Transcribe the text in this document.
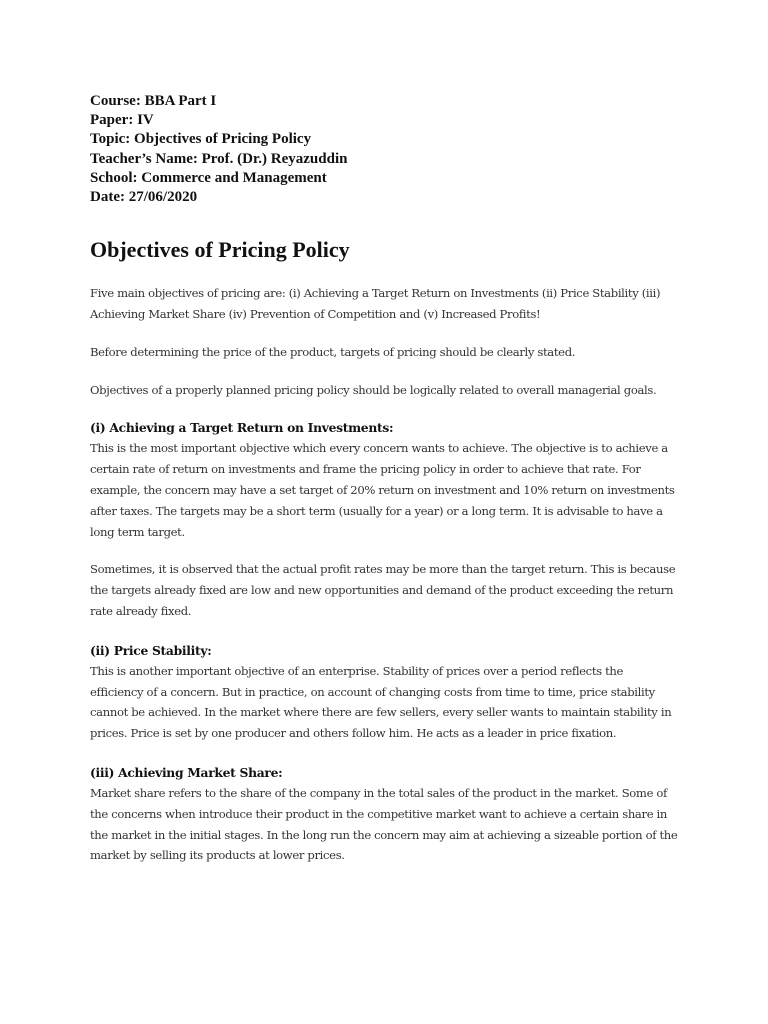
Course: BBA Part I

Paper: IV

Topic: Objectives of Pricing Policy

Teacher’s Name: Prof. (Dr.) Reyazuddin

School: Commerce and Management

Date: 27/06/2020

Objectives of Pricing Policy

Five main objectives of pricing are: (i) Achieving a Target Return on Investments (ii) Price Stability (iii) Achieving Market Share (iv) Prevention of Competition and (v) Increased Profits!

Before determining the price of the product, targets of pricing should be clearly stated.

Objectives of a properly planned pricing policy should be logically related to overall managerial goals.

(i) Achieving a Target Return on Investments:

This is the most important objective which every concern wants to achieve. The objective is to achieve a certain rate of return on investments and frame the pricing policy in order to achieve that rate. For example, the concern may have a set target of 20% return on investment and 10% return on investments after taxes. The targets may be a short term (usually for a year) or a long term. It is advisable to have a long term target.

Sometimes, it is observed that the actual profit rates may be more than the target return. This is because the targets already fixed are low and new opportunities and demand of the product exceeding the return rate already fixed.

(ii) Price Stability:

This is another important objective of an enterprise. Stability of prices over a period reflects the efficiency of a concern. But in practice, on account of changing costs from time to time, price stability cannot be achieved. In the market where there are few sellers, every seller wants to maintain stability in prices. Price is set by one producer and others follow him. He acts as a leader in price fixation.

(iii) Achieving Market Share:

Market share refers to the share of the company in the total sales of the product in the market. Some of the concerns when introduce their product in the competitive market want to achieve a certain share in the market in the initial stages. In the long run the concern may aim at achieving a sizeable portion of the market by selling its products at lower prices.
